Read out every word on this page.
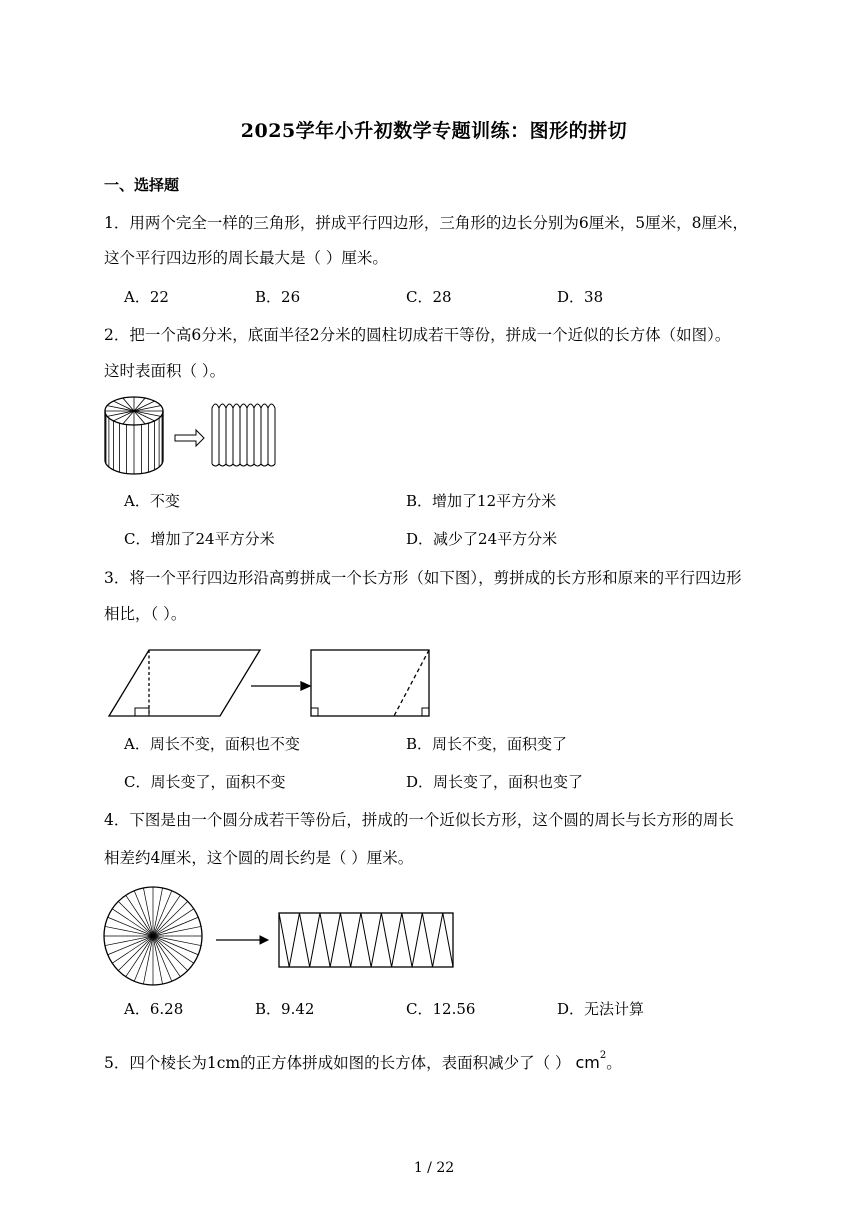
2025学年小升初数学专题训练：图形的拼切
一、选择题
1．用两个完全一样的三角形，拼成平行四边形，三角形的边长分别为6厘米，5厘米，8厘米，
这个平行四边形的周长最大是（ ）厘米。
A．22	B．26	C．28	D．38
2．把一个高6分米，底面半径2分米的圆柱切成若干等份，拼成一个近似的长方体（如图）。
这时表面积（ ）。
A．不变	B．增加了12平方分米
C．增加了24平方分米	D．减少了24平方分米
3．将一个平行四边形沿高剪拼成一个长方形（如下图），剪拼成的长方形和原来的平行四边形
相比，（ ）。
A．周长不变，面积也不变	B．周长不变，面积变了
C．周长变了，面积不变	D．周长变了，面积也变了
4．下图是由一个圆分成若干等份后，拼成的一个近似长方形，这个圆的周长与长方形的周长
相差约4厘米，这个圆的周长约是（ ）厘米。
A．6.28	B．9.42	C．12.56	D．无法计算
5．四个棱长为1cm的正方体拼成如图的长方体，表面积减少了（ ） $cm^2$。
1 / 22
